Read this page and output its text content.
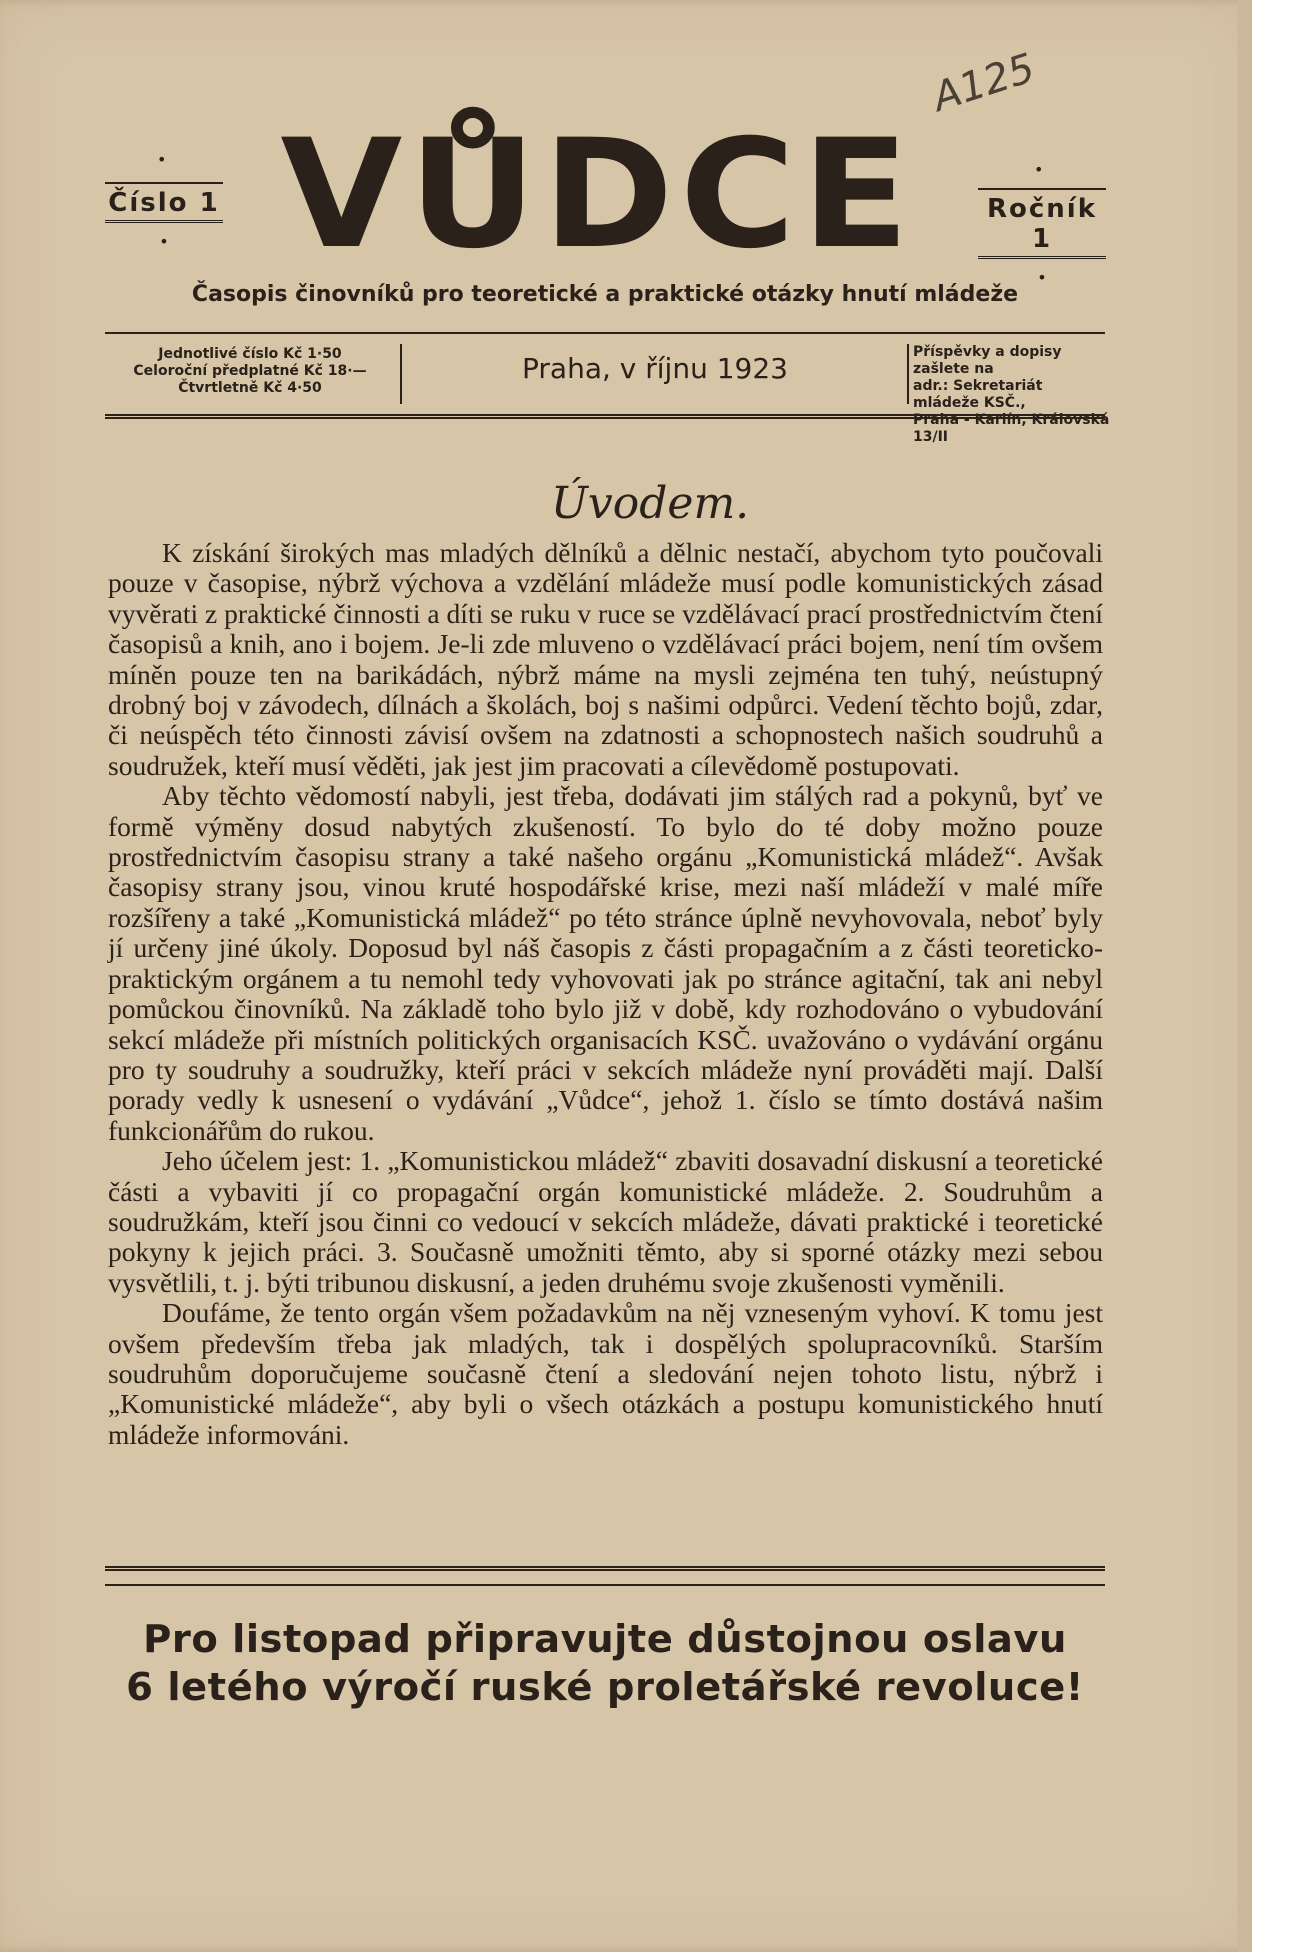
•
Číslo 1
• VŮDCE	•
Ročník 1
•
A125
Časopis činovníků pro teoretické a praktické otázky hnutí mládeže
Jednotlivé číslo Kč 1·50
Celoroční předplatné Kč 18·—
Čtvrtletně Kč 4·50
Praha, v říjnu 1923	Příspěvky a dopisy zašlete na
adr.: Sekretariát mládeže KSČ.,
Praha - Karlín, Královská 13/II
Úvodem.

K získání širokých mas mladých dělníků a dělnic nestačí, abychom tyto poučovali pouze v časopise, nýbrž výchova a vzdělání mládeže musí podle komunistických zásad vyvěrati z praktické činnosti a díti se ruku v ruce se vzdělávací prací prostřednictvím čtení časopisů a knih, ano i bojem. Je-li zde mluveno o vzdělávací práci bojem, není tím ovšem míněn pouze ten na barikádách, nýbrž máme na mysli zejména ten tuhý, neústupný drobný boj v závodech, dílnách a školách, boj s našimi odpůrci. Vedení těchto bojů, zdar, či neúspěch této činnosti závisí ovšem na zdatnosti a schopnostech našich soudruhů a soudružek, kteří musí věděti, jak jest jim pracovati a cílevědomě postupovati.

Aby těchto vědomostí nabyli, jest třeba, dodávati jim stálých rad a pokynů, byť ve formě výměny dosud nabytých zkušeností. To bylo do té doby možno pouze prostřednictvím časopisu strany a také našeho orgánu „Komunistická mládež“. Avšak časopisy strany jsou, vinou kruté hospodářské krise, mezi naší mládeží v malé míře rozšířeny a také „Komunistická mládež“ po této stránce úplně nevyhovovala, neboť byly jí určeny jiné úkoly. Doposud byl náš časopis z části propagačním a z části teoreticko-praktickým orgánem a tu nemohl tedy vyhovovati jak po stránce agitační, tak ani nebyl pomůckou činovníků. Na základě toho bylo již v době, kdy rozhodováno o vybudování sekcí mládeže při místních politických organisacích KSČ. uvažováno o vydávání orgánu pro ty soudruhy a soudružky, kteří práci v sekcích mládeže nyní prováděti mají. Další porady vedly k usnesení o vydávání „Vůdce“, jehož 1. číslo se tímto dostává našim funkcionářům do rukou.

Jeho účelem jest: 1. „Komunistickou mládež“ zbaviti dosavadní diskusní a teoretické části a vybaviti jí co propagační orgán komunistické mládeže. 2. Soudruhům a soudružkám, kteří jsou činni co vedoucí v sekcích mládeže, dávati praktické i teoretické pokyny k jejich práci. 3. Současně umožniti těmto, aby si sporné otázky mezi sebou vysvětlili, t. j. býti tribunou diskusní, a jeden druhému svoje zkušenosti vyměnili.

Doufáme, že tento orgán všem požadavkům na něj vzneseným vyhoví. K tomu jest ovšem především třeba jak mladých, tak i dospělých spolupracovníků. Starším soudruhům doporučujeme současně čtení a sledování nejen tohoto listu, nýbrž i „Komunistické mládeže“, aby byli o všech otázkách a postupu komunistického hnutí mládeže informováni.

Pro listopad připravujte důstojnou oslavu
6 letého výročí ruské proletářské revoluce!
